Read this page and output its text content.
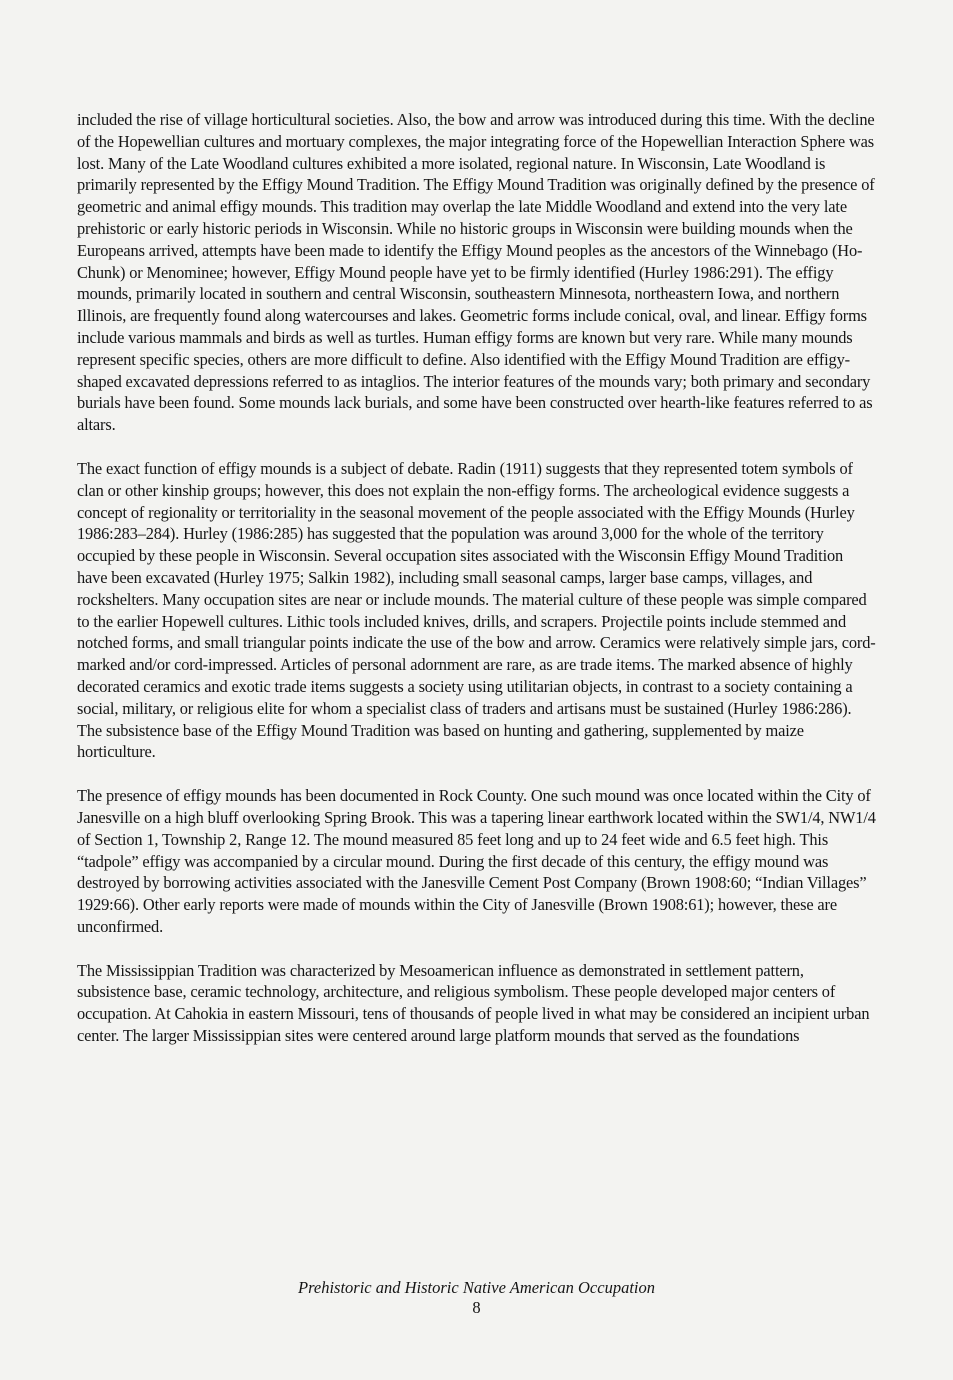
included the rise of village horticultural societies. Also, the bow and arrow was introduced during this time. With the decline of the Hopewellian cultures and mortuary complexes, the major integrating force of the Hopewellian Interaction Sphere was lost. Many of the Late Woodland cultures exhibited a more isolated, regional nature. In Wisconsin, Late Woodland is primarily represented by the Effigy Mound Tradition. The Effigy Mound Tradition was originally defined by the presence of geometric and animal effigy mounds. This tradition may overlap the late Middle Woodland and extend into the very late prehistoric or early historic periods in Wisconsin. While no historic groups in Wisconsin were building mounds when the Europeans arrived, attempts have been made to identify the Effigy Mound peoples as the ancestors of the Winnebago (Ho-Chunk) or Menominee; however, Effigy Mound people have yet to be firmly identified (Hurley 1986:291). The effigy mounds, primarily located in southern and central Wisconsin, southeastern Minnesota, northeastern Iowa, and northern Illinois, are frequently found along watercourses and lakes. Geometric forms include conical, oval, and linear. Effigy forms include various mammals and birds as well as turtles. Human effigy forms are known but very rare. While many mounds represent specific species, others are more difficult to define. Also identified with the Effigy Mound Tradition are effigy-shaped excavated depressions referred to as intaglios. The interior features of the mounds vary; both primary and secondary burials have been found. Some mounds lack burials, and some have been constructed over hearth-like features referred to as altars.

The exact function of effigy mounds is a subject of debate. Radin (1911) suggests that they represented totem symbols of clan or other kinship groups; however, this does not explain the non-effigy forms. The archeological evidence suggests a concept of regionality or territoriality in the seasonal movement of the people associated with the Effigy Mounds (Hurley 1986:283–284). Hurley (1986:285) has suggested that the population was around 3,000 for the whole of the territory occupied by these people in Wisconsin. Several occupation sites associated with the Wisconsin Effigy Mound Tradition have been excavated (Hurley 1975; Salkin 1982), including small seasonal camps, larger base camps, villages, and rockshelters. Many occupation sites are near or include mounds. The material culture of these people was simple compared to the earlier Hopewell cultures. Lithic tools included knives, drills, and scrapers. Projectile points include stemmed and notched forms, and small triangular points indicate the use of the bow and arrow. Ceramics were relatively simple jars, cord-marked and/or cord-impressed. Articles of personal adornment are rare, as are trade items. The marked absence of highly decorated ceramics and exotic trade items suggests a society using utilitarian objects, in contrast to a society containing a social, military, or religious elite for whom a specialist class of traders and artisans must be sustained (Hurley 1986:286). The subsistence base of the Effigy Mound Tradition was based on hunting and gathering, supplemented by maize horticulture.

The presence of effigy mounds has been documented in Rock County. One such mound was once located within the City of Janesville on a high bluff overlooking Spring Brook. This was a tapering linear earthwork located within the SW1/4, NW1/4 of Section 1, Township 2, Range 12. The mound measured 85 feet long and up to 24 feet wide and 6.5 feet high. This “tadpole” effigy was accompanied by a circular mound. During the first decade of this century, the effigy mound was destroyed by borrowing activities associated with the Janesville Cement Post Company (Brown 1908:60; “Indian Villages” 1929:66). Other early reports were made of mounds within the City of Janesville (Brown 1908:61); however, these are unconfirmed.

The Mississippian Tradition was characterized by Mesoamerican influence as demonstrated in settlement pattern, subsistence base, ceramic technology, architecture, and religious symbolism. These people developed major centers of occupation. At Cahokia in eastern Missouri, tens of thousands of people lived in what may be considered an incipient urban center. The larger Mississippian sites were centered around large platform mounds that served as the foundations

Prehistoric and Historic Native American Occupation
8
